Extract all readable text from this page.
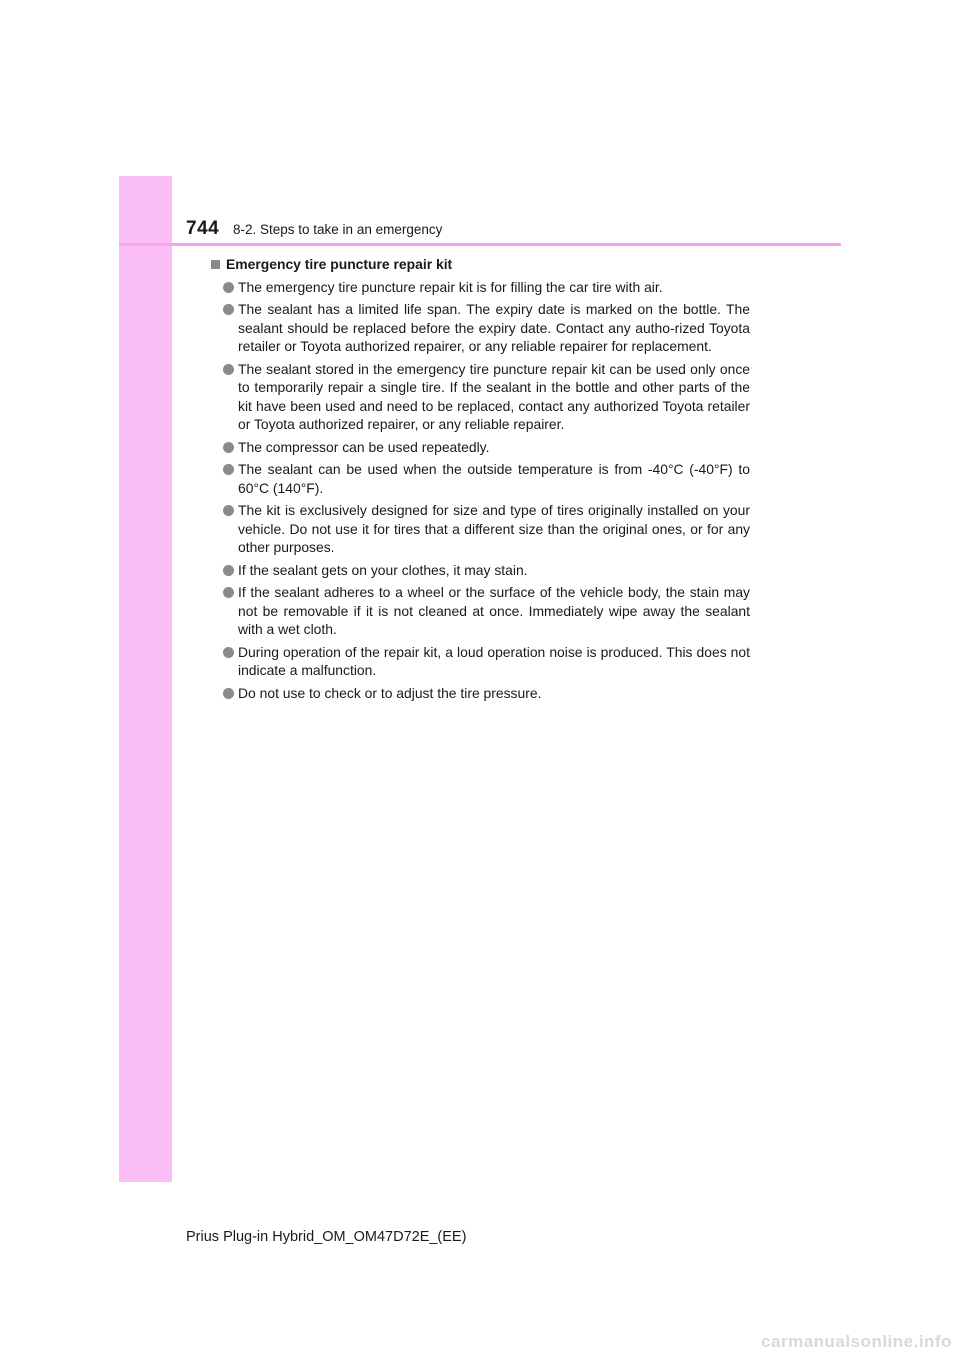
744 8-2. Steps to take in an emergency
Emergency tire puncture repair kit
The emergency tire puncture repair kit is for filling the car tire with air.
The sealant has a limited life span. The expiry date is marked on the bottle. The sealant should be replaced before the expiry date. Contact any autho-rized Toyota retailer or Toyota authorized repairer, or any reliable repairer for replacement.
The sealant stored in the emergency tire puncture repair kit can be used only once to temporarily repair a single tire. If the sealant in the bottle and other parts of the kit have been used and need to be replaced, contact any authorized Toyota retailer or Toyota authorized repairer, or any reliable repairer.
The compressor can be used repeatedly.
The sealant can be used when the outside temperature is from -40°C (-40°F) to 60°C (140°F).
The kit is exclusively designed for size and type of tires originally installed on your vehicle. Do not use it for tires that a different size than the original ones, or for any other purposes.
If the sealant gets on your clothes, it may stain.
If the sealant adheres to a wheel or the surface of the vehicle body, the stain may not be removable if it is not cleaned at once. Immediately wipe away the sealant with a wet cloth.
During operation of the repair kit, a loud operation noise is produced. This does not indicate a malfunction.
Do not use to check or to adjust the tire pressure.
Prius Plug-in Hybrid_OM_OM47D72E_(EE)
carmanualsonline.info
